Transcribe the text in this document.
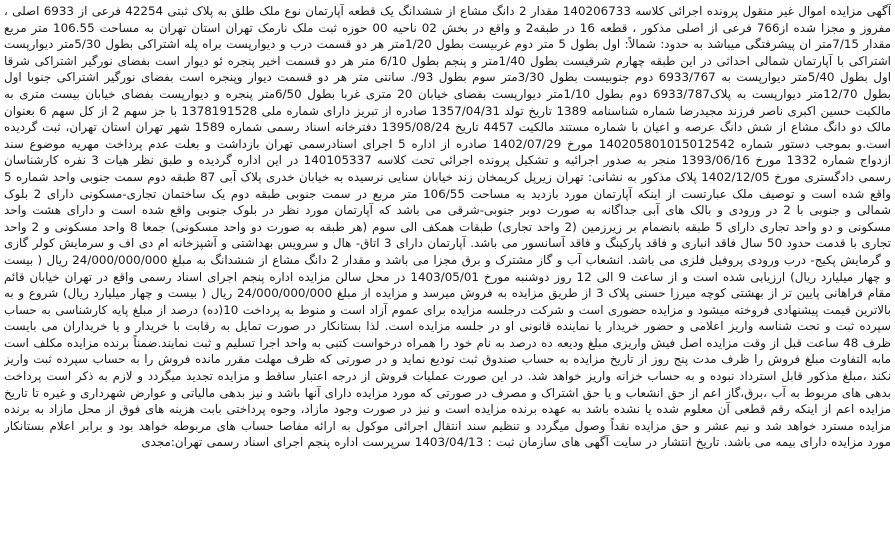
آگهی مزایده اموال غیر منقول پرونده اجرائی کلاسه 140206733 مقدار 2 دانگ مشاع از ششدانگ یک قطعه آپارتمان نوع ملک طلق به پلاک ثبتی 42254 فرعی از 6933 اصلی ، مفروز و مجزا شده از766 فرعی از اصلی مذکور ، قطعه 16 در طبقه2 و واقع در بخش 02 ناحیه 00 حوزه ثبت ملک نارمک تهران استان تهران به مساحت 106.55 متر مربع مقدار 7/15متر ان پیشرفتگی میباشد به حدود: شمالاً: اول بطول 5 متر دوم غربیست بطول 1/20متر هر دو قسمت درب و دیوارپست براه پله اشتراکی بطول 5/30متر دیوارپست اشتراکی با آپارتمان شمالی احداثی در این طبقه چهارم شرقیست بطول 1/40متر و پنجم بطول 6/10 متر هر دو قسمت اخیر پنجره ئو دیوار است بفضای نورگیر اشتراکی شرقا اول بطول 5/40متر دیوارپست به 6933/767 دوم جنوبیست بطول 3/30متر سوم بطول 93/. سانتی متر هر دو قسمت دیوار وپنجره است بفضای نورگیر اشتراکی جنوبا اول بطول 12/70متر دیوارپست به پلاک6933/787 دوم بطول 1/10متر دیوارپست بفضای خیابان 20 متری غربا بطول 6/50متر پنجره و دیوارپست بفضای خیابان بیست متری به مالکیت حسین اکبری ناصر فرزند مجیدرضا شماره شناسنامه 1389 تاریخ تولد 1357/04/31 صادره از تبریز دارای شماره ملی 1378191528 با جز سهم 2 از کل سهم 6 بعنوان مالک دو دانگ مشاع از شش دانگ عرصه و اعیان با شماره مستند مالکیت 4457 تاریخ 1395/08/24 دفترخانه اسناد رسمی شماره 1589 شهر تهران استان تهران، ثبت گردیده است.و بموجب دستور شماره 140205801015012542 مورخ 1402/07/29 صادره از اداره 5 اجرای اسنادرسمی تهران بازداشت و بعلت عدم پرداخت مهریه موضوع سند ازدواج شماره 1332 مورخ 1393/06/16 منجر به صدور اجرائیه و تشکیل پرونده اجرائی تحت کلاسه 140105337 در این اداره گردیده و طبق نظر هیات 3 نفره کارشناسان رسمی دادگستری مورخ 1402/12/05 پلاک مذکور به نشانی: تهران زیرپل کریمخان زند خیابان سنایی نرسیده به خیابان خدری پلاک آبی 87 طبقه دوم سمت جنوبی واحد شماره 5 واقع شده است و توصیف ملک عبارتست از اینکه آپارتمان مورد بازدید به مساحت 106/55 متر مربع در سمت جنوبی طبقه دوم یک ساختمان تجاری-مسکونی دارای 2 بلوک شمالی و جنوبی با 2 در ورودی و بالک های آبی جداگانه به صورت دوبر جنوبی-شرقی می باشد که آپارتمان مورد نظر در بلوک جنوبی واقع شده است و دارای هشت واحد مسکونی و دو واحد تجاری دارای 5 طبقه بانضمام بر زیرزمین (2 واحد تجاری) طبقات همکف الی سوم (هر طبقه به صورت دو واحد مسکونی) جمعا 8 واحد مسکونی و 2 واحد تجاری با قدمت حدود 50 سال فاقد انباری و فاقد پارکینگ و فاقد آسانسور می باشد. آپارتمان دارای 3 اتاق- هال و سرویس بهداشتی و آشپزخانه ام دی اف و سرمایش کولر گازی و گرمایش پکیج- درب ورودی پروفیل فلزی می باشد. انشعاب آب و گاز مشترک و برق مجزا می باشد و مقدار 2 دانگ مشاع از ششدانگ به مبلغ 24/000/000/000 ریال ( بیست و چهار میلیارد ریال) ارزیابی شده است و از ساعت 9 الی 12 روز دوشنبه مورخ 1403/05/01 در محل سالن مزایده اداره پنجم اجرای اسناد رسمی واقع در تهران خیابان قائم مقام فراهانی پایین تر از بهشتی کوچه میرزا حسنی پلاک 3 از طریق مزایده به فروش میرسد و مزایده از مبلغ 24/000/000/000 ریال ( بیست و چهار میلیارد ریال) شروع و به بالاترین قیمت پیشنهادی فروخته میشود و مزایده حضوری است و شرکت درجلسه مزایده برای عموم آزاد است و منوط به پرداخت 10(ده) درصد از مبلغ پایه کارشناسی به حساب سپرده ثبت و تحت شناسه واریز اعلامی و حضور خریدار یا نماینده قانونی او در جلسه مزایده است. لذا بستانکار در صورت تمایل به رقابت با خریدار و یا خریداران می بایست ظرف 48 ساعت قبل از وقت مزایده اصل فیش واریزی مبلغ ودیعه ده درصد به نام خود را همراه درخواست کتبی به واحد اجرا تسلیم و ثبت نمایند.ضمناً برنده مزایده مکلف است مابه التفاوت مبلغ فروش را ظرف مدت پنج روز از تاریخ مزایده به حساب صندوق ثبت تودیع نماید و در صورتی که ظرف مهلت مقرر مانده فروش را به حساب سپرده ثبت واریز نکند ،مبلغ مذکور قابل استرداد نبوده و به حساب خزانه واریز خواهد شد. در این صورت عملیات فروش از درجه اعتبار ساقط و مزایده تجدید میگردد و لازم به ذکر است پرداخت بدهی های مربوط به آب ،برق،گاز اعم از حق انشعاب و یا حق اشتراک و مصرف در صورتی که مورد مزایده دارای آنها باشد و نیز بدهی مالیاتی و عوارض شهرداری و غیره تا تاریخ مزایده اعم از اینکه رقم قطعی آن معلوم شده یا نشده باشد به عهده برنده مزایده است و نیز در صورت وجود مازاد، وجوه پرداختی بابت هزینه های فوق از محل مازاد به برنده مزایده مسترد خواهد شد و نیم عشر و حق مزایده نقداً وصول میگردد و تنظیم سند انتقال اجرائی موکول به ارائه مفاصا حساب های مربوطه خواهد بود و برابر اعلام بستانکار مورد مزایده دارای بیمه می باشد. تاریخ انتشار در سایت آگهی های سازمان ثبت : 1403/04/13 سرپرست اداره پنجم اجرای اسناد رسمی تهران:مجدی
